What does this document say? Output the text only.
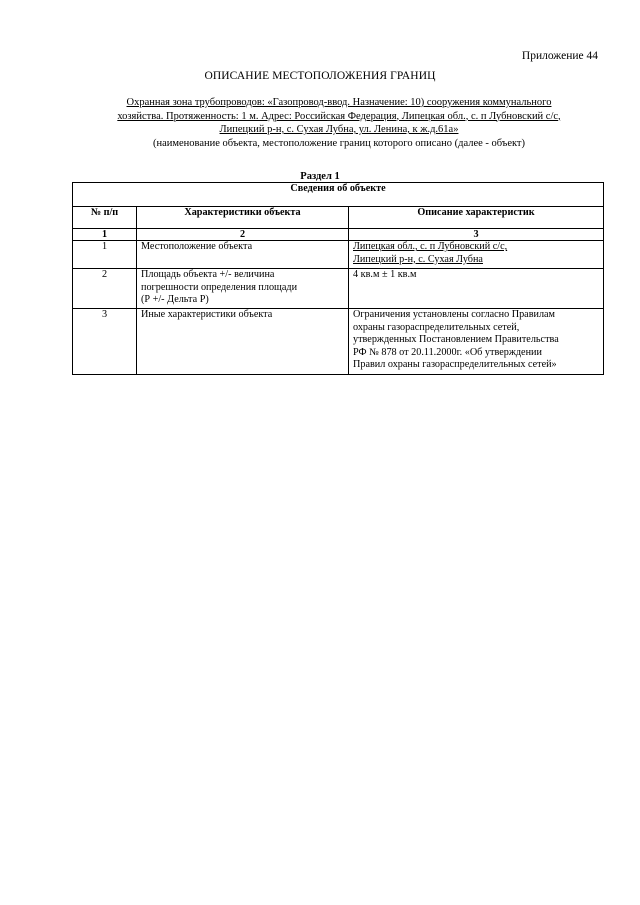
Приложение 44
ОПИСАНИЕ МЕСТОПОЛОЖЕНИЯ ГРАНИЦ
Охранная зона трубопроводов: «Газопровод-ввод. Назначение: 10) сооружения коммунального
хозяйства. Протяженность: 1 м. Адрес: Российская Федерация, Липецкая обл., с. п Лубновский с/с,
Липецкий р-н, с. Сухая Лубна, ул. Ленина, к ж.д.61а»
(наименование объекта, местоположение границ которого описано (далее - объект)
Раздел 1
Сведения об объекте		
№ п/п	Характеристики объекта	Описание характеристик
1	2	3
1	Местоположение объекта	Липецкая обл., с. п Лубновский с/с,
Липецкий р-н, с. Сухая Лубна
2	Площадь объекта +/- величина
погрешности определения площади
(Р +/- Дельта Р)	4 кв.м ± 1 кв.м
3	Иные характеристики объекта	Ограничения установлены согласно Правилам
охраны газораспределительных сетей,
утвержденных Постановлением Правительства
РФ № 878 от 20.11.2000г. «Об утверждении
Правил охраны газораспределительных сетей»
